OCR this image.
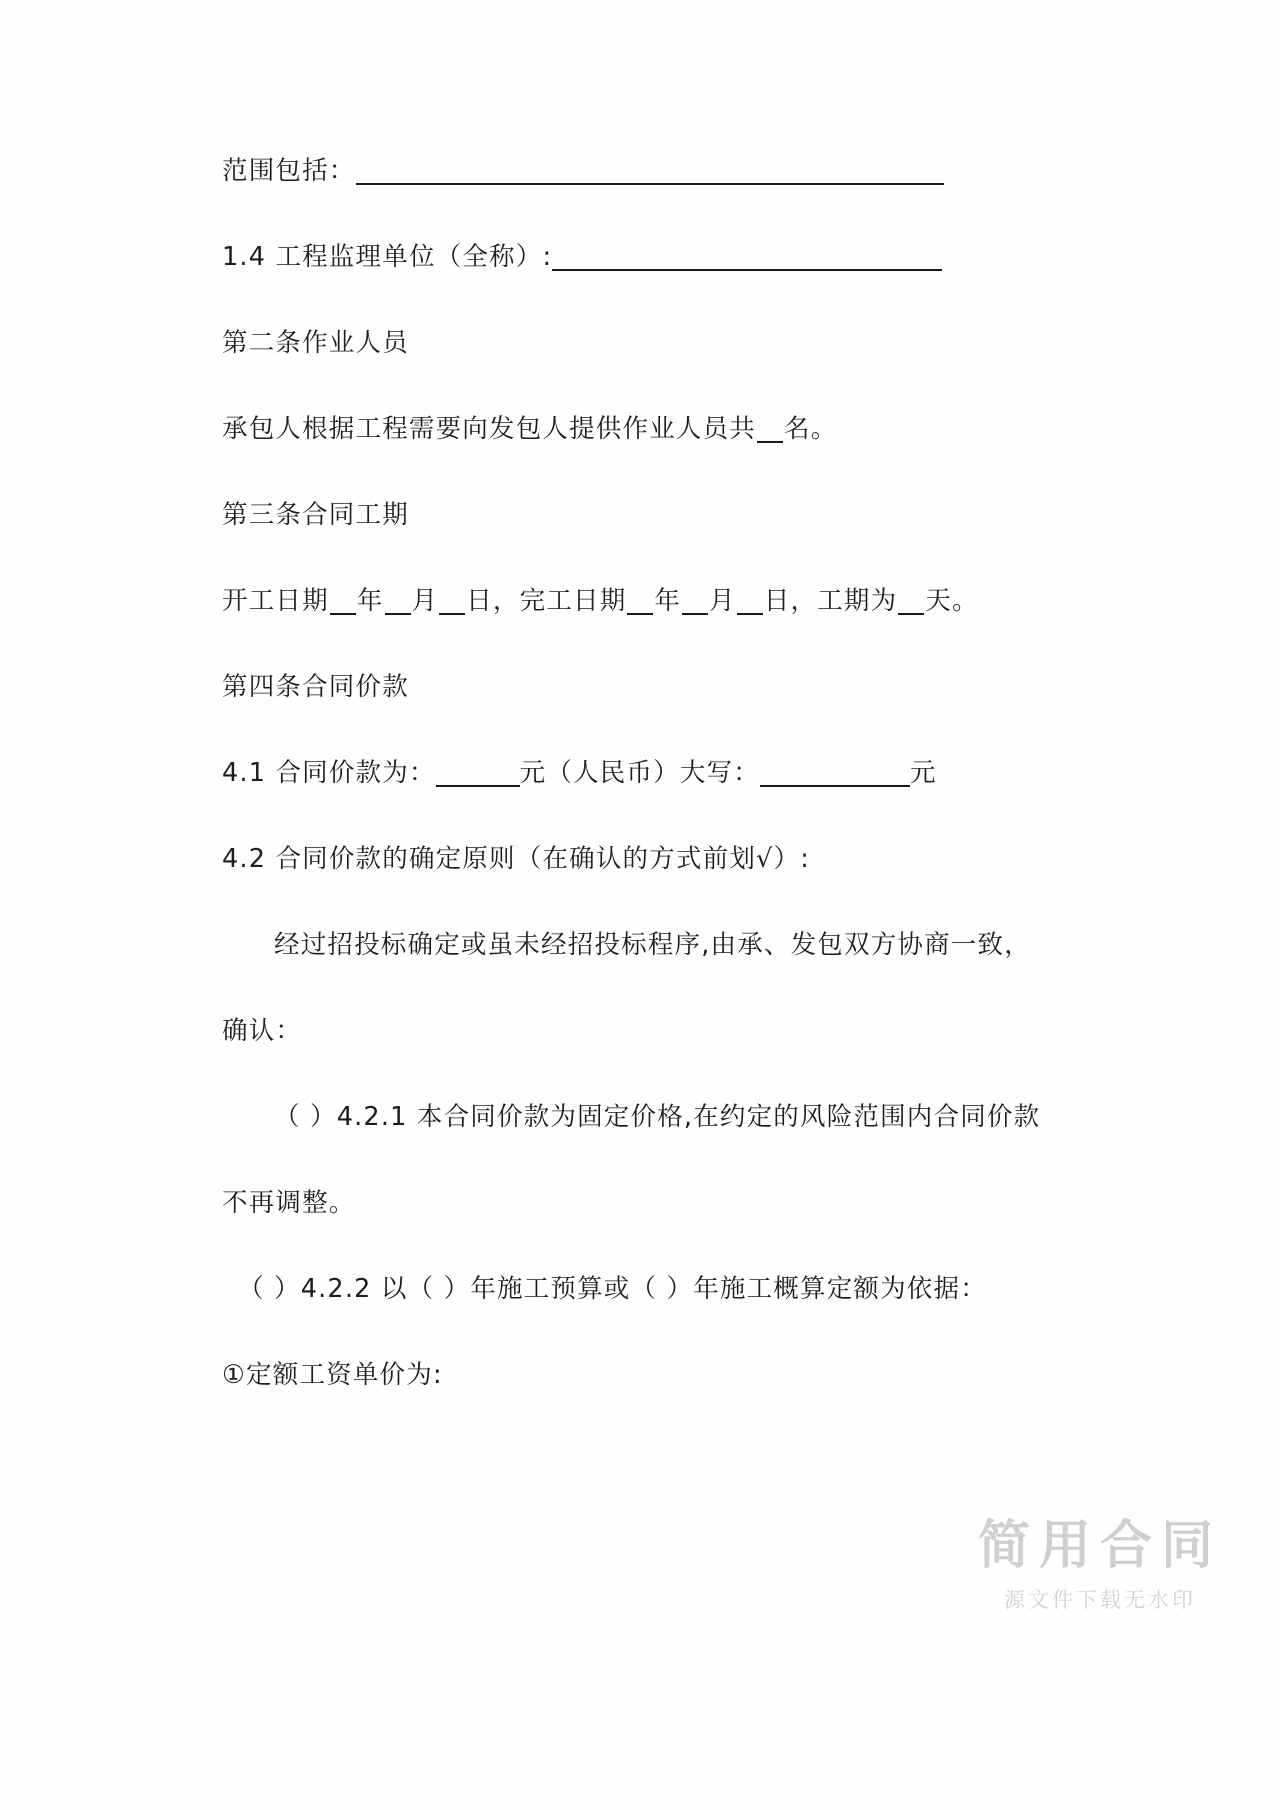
范围包括：
1.4 工程监理单位（全称）:
第二条作业人员
承包人根据工程需要向发包人提供作业人员共 名。
第三条合同工期
开工日期 年 月 日，完工日期 年 月 日，工期为 天。
第四条合同价款
4.1 合同价款为：	元（人民币）大写：	元
4.2 合同价款的确定原则（在确认的方式前划√）:
经过招投标确定或虽未经招投标程序,由承、发包双方协商一致，确认：
（ ）4.2.1 本合同价款为固定价格,在约定的风险范围内合同价款不再调整。
（ ）4.2.2 以（ ）年施工预算或（ ）年施工概算定额为依据：
①定额工资单价为:
简用合同
源文件下载无水印
